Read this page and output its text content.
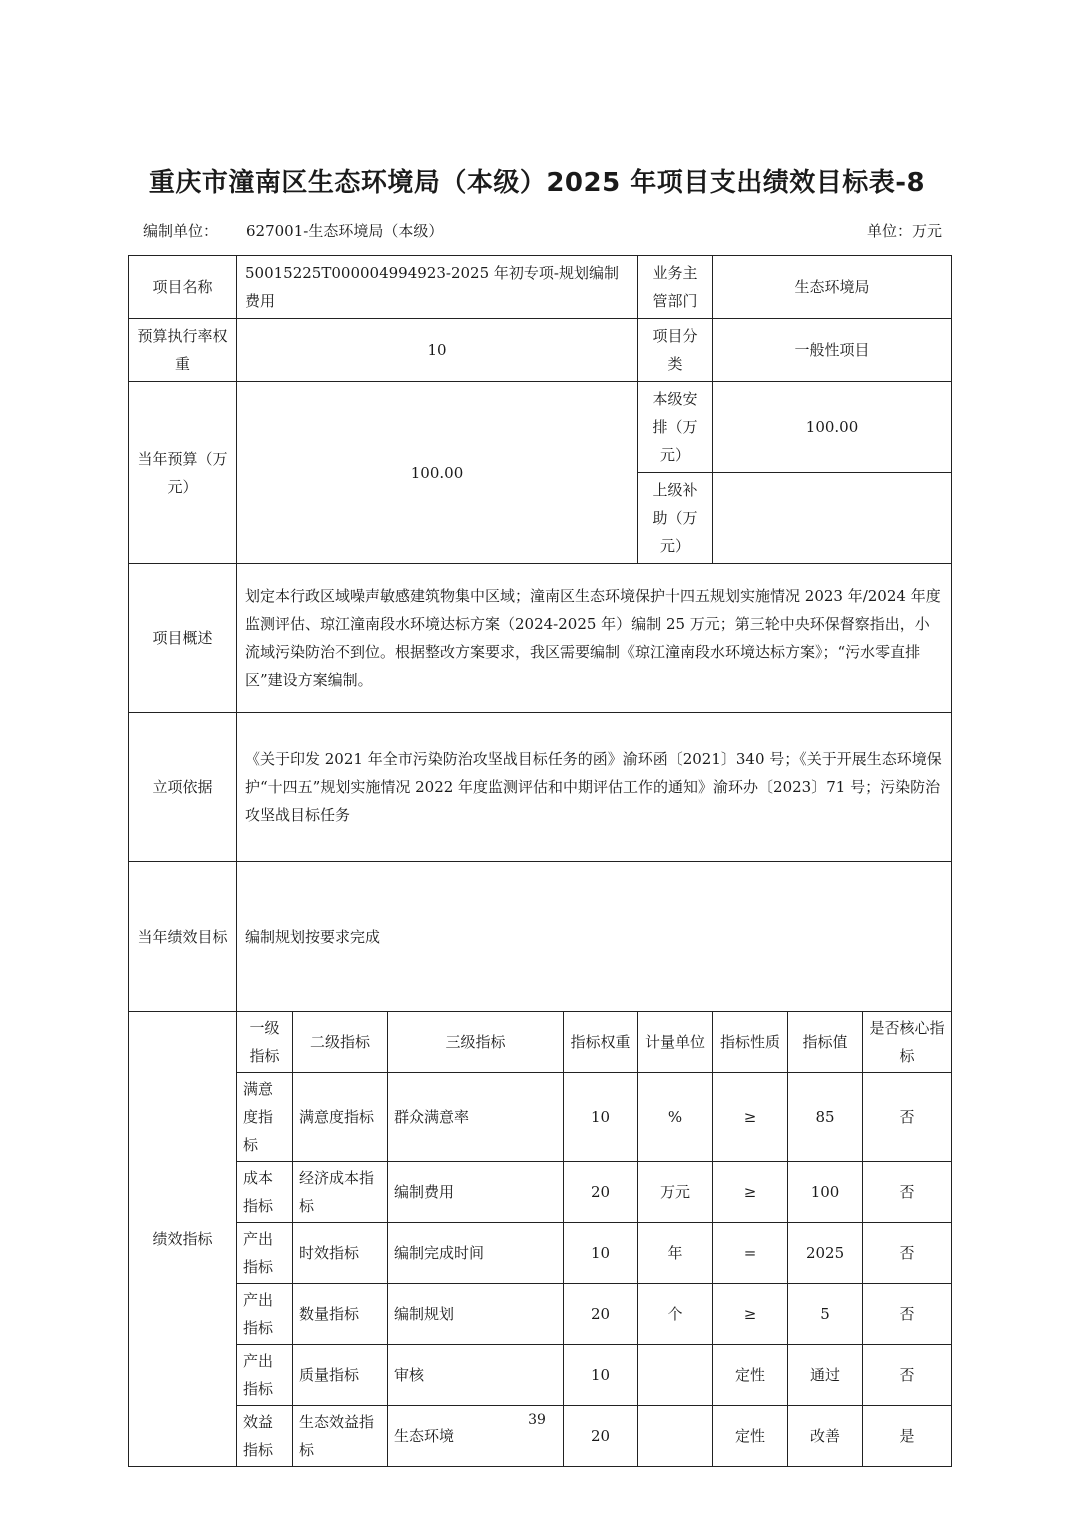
重庆市潼南区生态环境局（本级）2025 年项目支出绩效目标表-8
编制单位： 627001-生态环境局（本级）	单位：万元
项目名称	50015225T000004994923-2025 年初专项-规划编制费用				业务主管部门	生态环境局		
预算执行率权重	10				项目分类	一般性项目		
当年预算（万元）	100.00				本级安排（万元）	100.00		
					上级补助（万元）			
项目概述	划定本行政区域噪声敏感建筑物集中区域；潼南区生态环境保护十四五规划实施情况 2023 年/2024 年度监测评估、琼江潼南段水环境达标方案（2024-2025 年）编制 25 万元；第三轮中央环保督察指出，小流域污染防治不到位。根据整改方案要求，我区需要编制《琼江潼南段水环境达标方案》；“污水零直排区”建设方案编制。							
立项依据	《关于印发 2021 年全市污染防治攻坚战目标任务的函》渝环函〔2021〕340 号；《关于开展生态环境保护“十四五”规划实施情况 2022 年度监测评估和中期评估工作的通知》渝环办〔2023〕71 号；污染防治攻坚战目标任务							
当年绩效目标	编制规划按要求完成							
绩效指标	一级指标	二级指标	三级指标	指标权重	计量单位	指标性质	指标值	是否核心指标
	满意度指标	满意度指标	群众满意率	10	%	≥	85	否
	成本指标	经济成本指标	编制费用	20	万元	≥	100	否
	产出指标	时效指标	编制完成时间	10	年	=	2025	否
	产出指标	数量指标	编制规划	20	个	≥	5	否
	产出指标	质量指标	审核	10		定性	通过	否
	效益指标	生态效益指标	生态环境	20		定性	改善	是
39
